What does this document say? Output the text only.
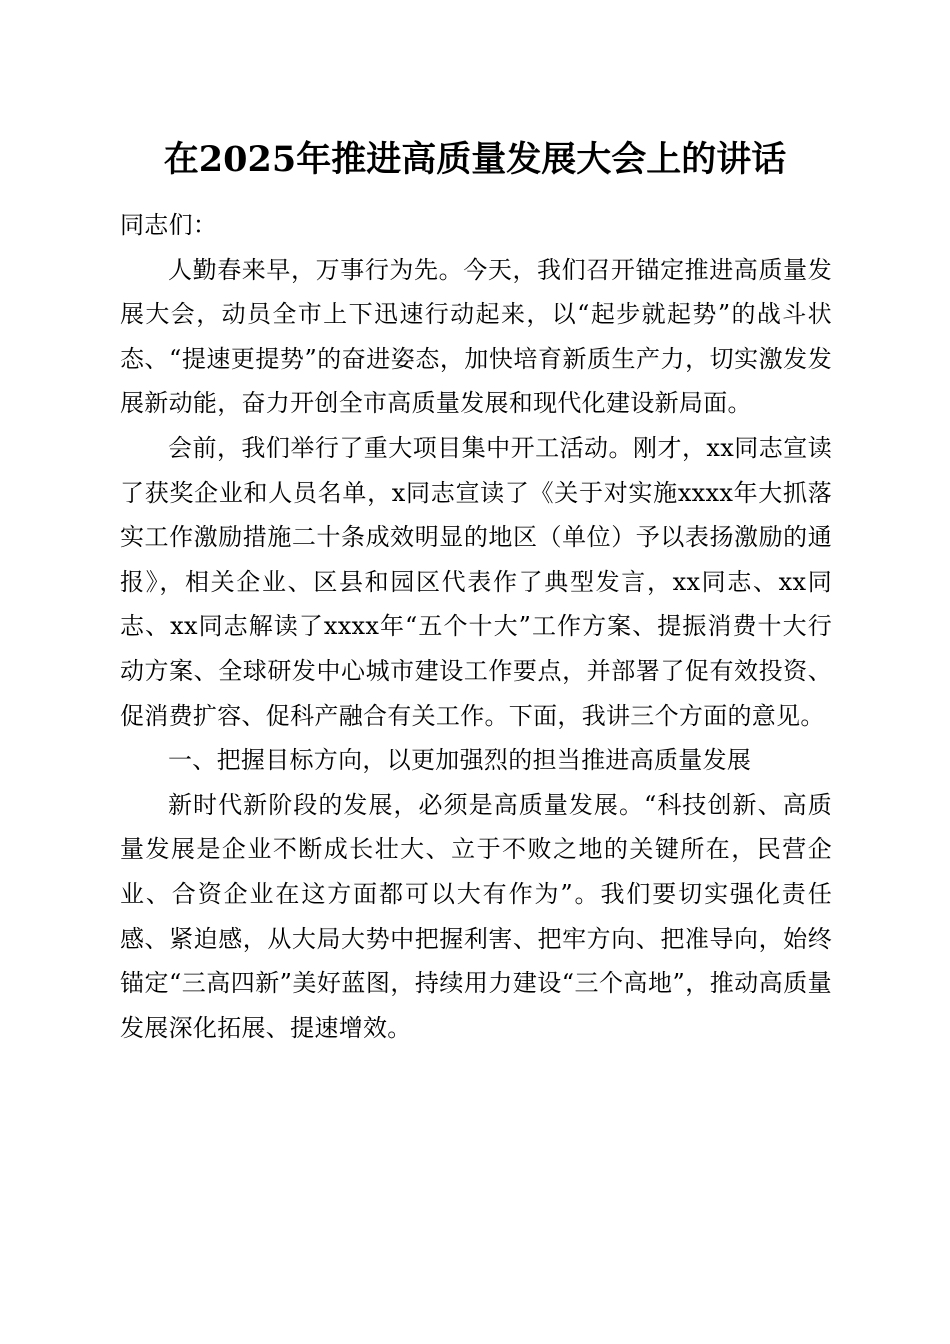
在2025年推进高质量发展大会上的讲话

同志们：

人勤春来早，万事行为先。今天，我们召开锚定推进高质量发展大会，动员全市上下迅速行动起来，以“起步就起势”的战斗状态、“提速更提势”的奋进姿态，加快培育新质生产力，切实激发发展新动能，奋力开创全市高质量发展和现代化建设新局面。

会前，我们举行了重大项目集中开工活动。刚才，xx同志宣读了获奖企业和人员名单，x同志宣读了《关于对实施xxxx年大抓落实工作激励措施二十条成效明显的地区（单位）予以表扬激励的通报》，相关企业、区县和园区代表作了典型发言，xx同志、xx同志、xx同志解读了xxxx年“五个十大”工作方案、提振消费十大行动方案、全球研发中心城市建设工作要点，并部署了促有效投资、促消费扩容、促科产融合有关工作。下面，我讲三个方面的意见。

一、把握目标方向，以更加强烈的担当推进高质量发展

新时代新阶段的发展，必须是高质量发展。“科技创新、高质量发展是企业不断成长壮大、立于不败之地的关键所在，民营企业、合资企业在这方面都可以大有作为”。我们要切实强化责任感、紧迫感，从大局大势中把握利害、把牢方向、把准导向，始终锚定“三高四新”美好蓝图，持续用力建设“三个高地”，推动高质量发展深化拓展、提速增效。
